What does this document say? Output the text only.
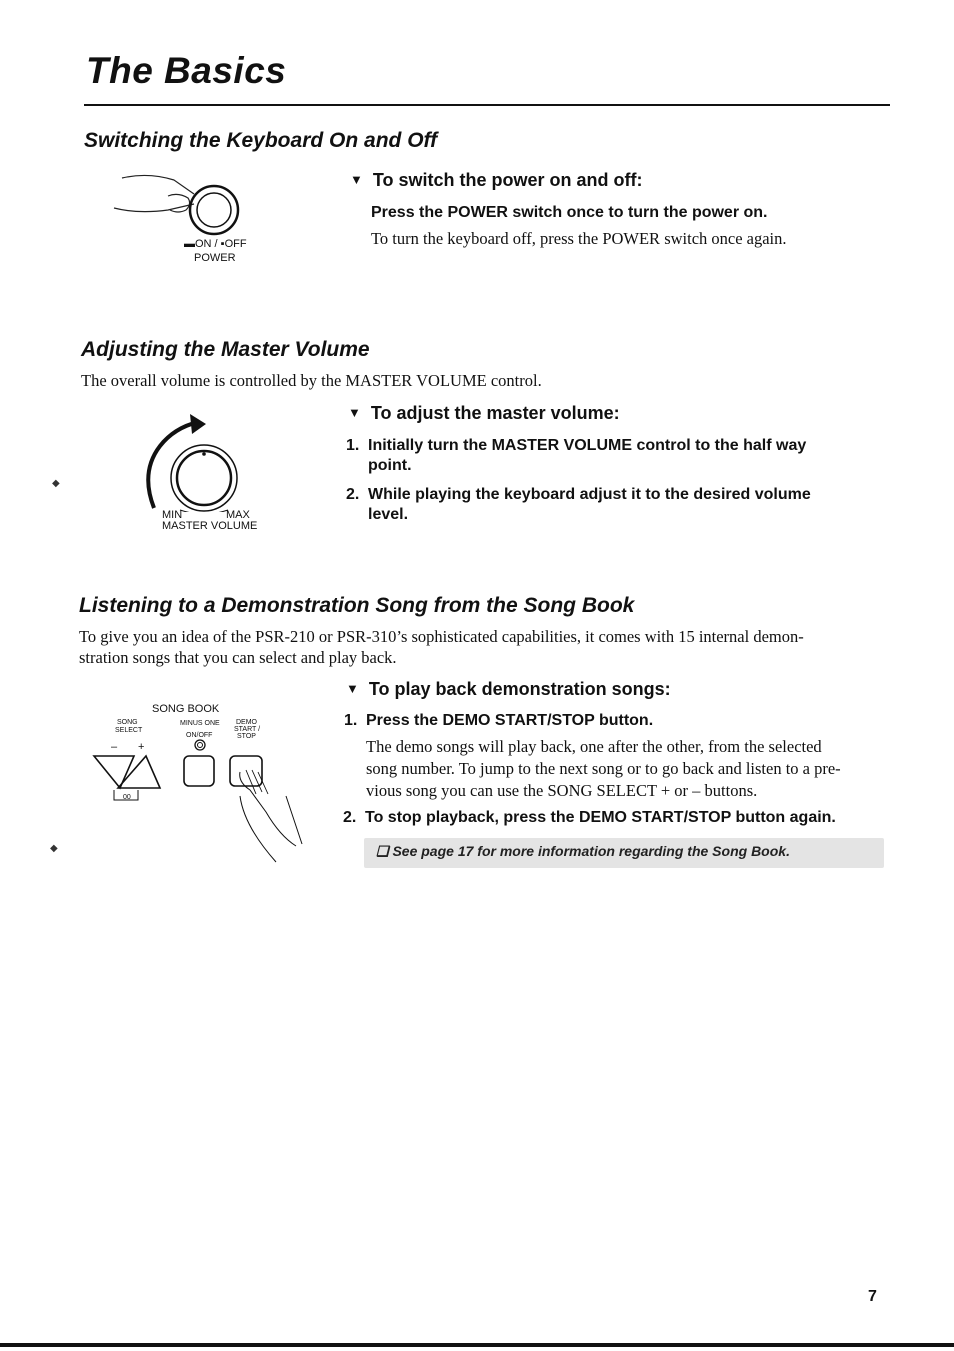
The Basics
Switching the Keyboard On and Off
▬ON / ▪OFF
POWER
▼ To switch the power on and off:
Press the POWER switch once to turn the power on.
To turn the keyboard off, press the POWER switch once again.
Adjusting the Master Volume
The overall volume is controlled by the MASTER VOLUME control.
MIN	MAX
MASTER VOLUME
▼ To adjust the master volume:
1. Initially turn the MASTER VOLUME control to the half way
point.
2. While playing the keyboard adjust it to the desired volume
level.
Listening to a Demonstration Song from the Song Book
To give you an idea of the PSR-210 or PSR-310’s sophisticated capabilities, it comes with 15 internal demon-
stration songs that you can select and play back.
SONG BOOK
SONG
SELECT
MINUS ONE
ON/OFF
DEMO
START /
STOP
– +
00
▼ To play back demonstration songs:
1. Press the DEMO START/STOP button.
The demo songs will play back, one after the other, from the selected
song number. To jump to the next song or to go back and listen to a pre-
vious song you can use the SONG SELECT + or – buttons.
2. To stop playback, press the DEMO START/STOP button again.
❑ See page 17 for more information regarding the Song Book.
◆
◆
7
